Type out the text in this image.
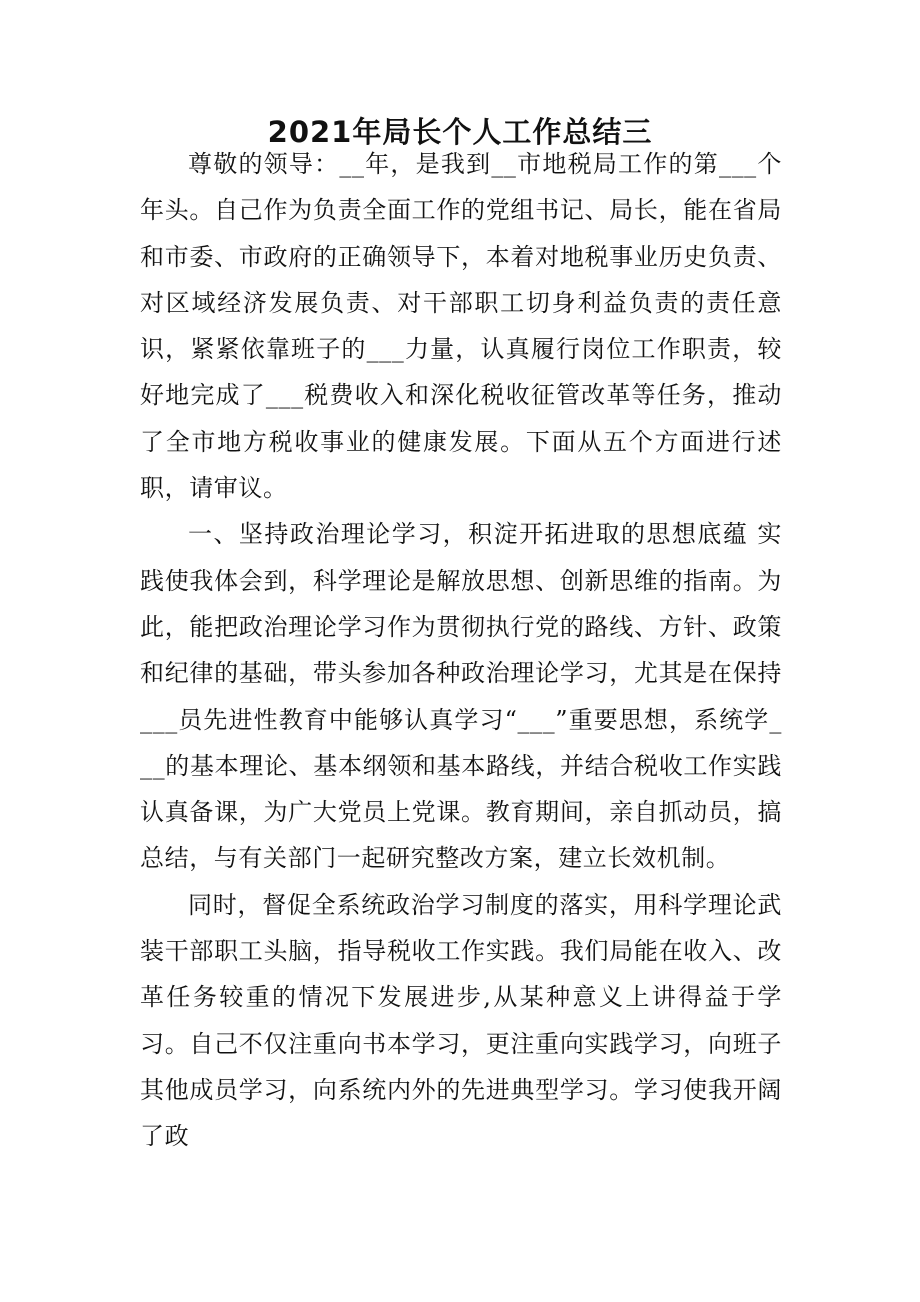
2021年局长个人工作总结三

尊敬的领导：__年，是我到__市地税局工作的第___个年头。自己作为负责全面工作的党组书记、局长，能在省局和市委、市政府的正确领导下，本着对地税事业历史负责、对区域经济发展负责、对干部职工切身利益负责的责任意识，紧紧依靠班子的___力量，认真履行岗位工作职责，较好地完成了___税费收入和深化税收征管改革等任务，推动了全市地方税收事业的健康发展。下面从五个方面进行述职，请审议。

一、坚持政治理论学习，积淀开拓进取的思想底蕴 实践使我体会到，科学理论是解放思想、创新思维的指南。为此，能把政治理论学习作为贯彻执行党的路线、方针、政策和纪律的基础，带头参加各种政治理论学习，尤其是在保持___员先进性教育中能够认真学习“___”重要思想，系统学___的基本理论、基本纲领和基本路线，并结合税收工作实践认真备课，为广大党员上党课。教育期间，亲自抓动员，搞总结，与有关部门一起研究整改方案，建立长效机制。

同时，督促全系统政治学习制度的落实，用科学理论武装干部职工头脑，指导税收工作实践。我们局能在收入、改革任务较重的情况下发展进步,从某种意义上讲得益于学习。自己不仅注重向书本学习，更注重向实践学习，向班子其他成员学习，向系统内外的先进典型学习。学习使我开阔了政
